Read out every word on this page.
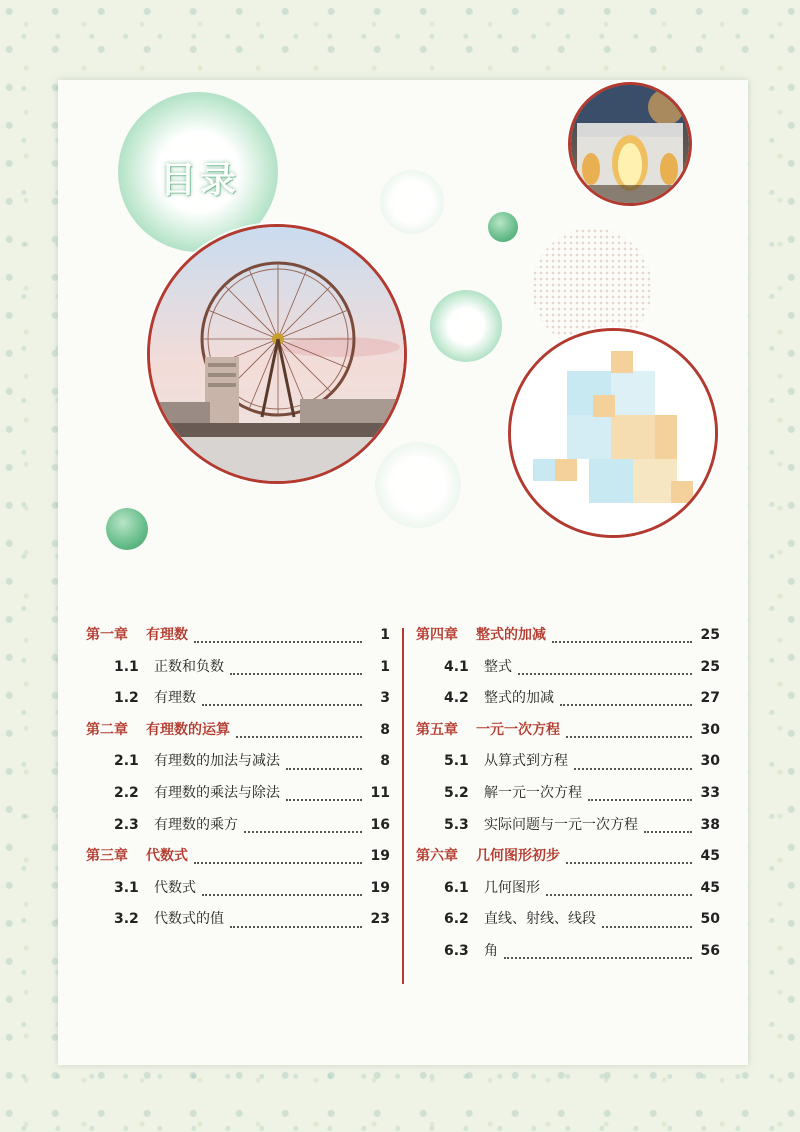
目录
第一章	有理数	1
1.1	正数和负数	1
1.2	有理数	3
第二章	有理数的运算	8
2.1	有理数的加法与减法	8
2.2	有理数的乘法与除法	11
2.3	有理数的乘方	16
第三章	代数式	19
3.1	代数式	19
3.2	代数式的值	23
第四章	整式的加减	25
4.1	整式	25
4.2	整式的加减	27
第五章	一元一次方程	30
5.1	从算式到方程	30
5.2	解一元一次方程	33
5.3	实际问题与一元一次方程	38
第六章	几何图形初步	45
6.1	几何图形	45
6.2	直线、射线、线段	50
6.3	角	56
